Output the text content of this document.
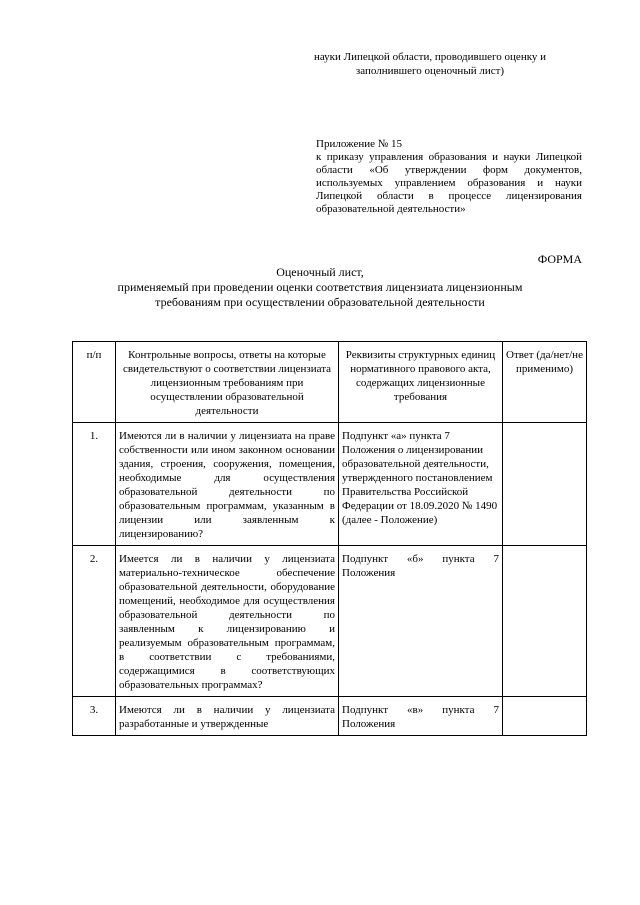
науки Липецкой области, проводившего оценку и заполнившего оценочный лист)
Приложение № 15
к приказу управления образования и науки Липецкой области «Об утверждении форм документов, используемых управлением образования и науки Липецкой области в процессе лицензирования образовательной деятельности»
ФОРМА
Оценочный лист,
применяемый при проведении оценки соответствия лицензиата лицензионным требованиям при осуществлении образовательной деятельности
п/п	Контрольные вопросы, ответы на которые свидетельствуют о соответствии лицензиата лицензионным требованиям при осуществлении образовательной деятельности	Реквизиты структурных единиц нормативного правового акта, содержащих лицензионные требования	Ответ (да/нет/не применимо)
1.	Имеются ли в наличии у лицензиата на праве собственности или ином законном основании здания, строения, сооружения, помещения, необходимые для осуществления образовательной деятельности по образовательным программам, указанным в лицензии или заявленным к лицензированию?	Подпункт «а» пункта 7 Положения о лицензировании образовательной деятельности, утвержденного постановлением Правительства Российской Федерации от 18.09.2020 № 1490 (далее - Положение)	
2.	Имеется ли в наличии у лицензиата материально-техническое обеспечение образовательной деятельности, оборудование помещений, необходимое для осуществления образовательной деятельности по заявленным к лицензированию и реализуемым образовательным программам, в соответствии с требованиями, содержащимися в соответствующих образовательных программах?	Подпункт «б» пункта 7 Положения	
3.	Имеются ли в наличии у лицензиата разработанные и утвержденные	Подпункт «в» пункта 7 Положения	
